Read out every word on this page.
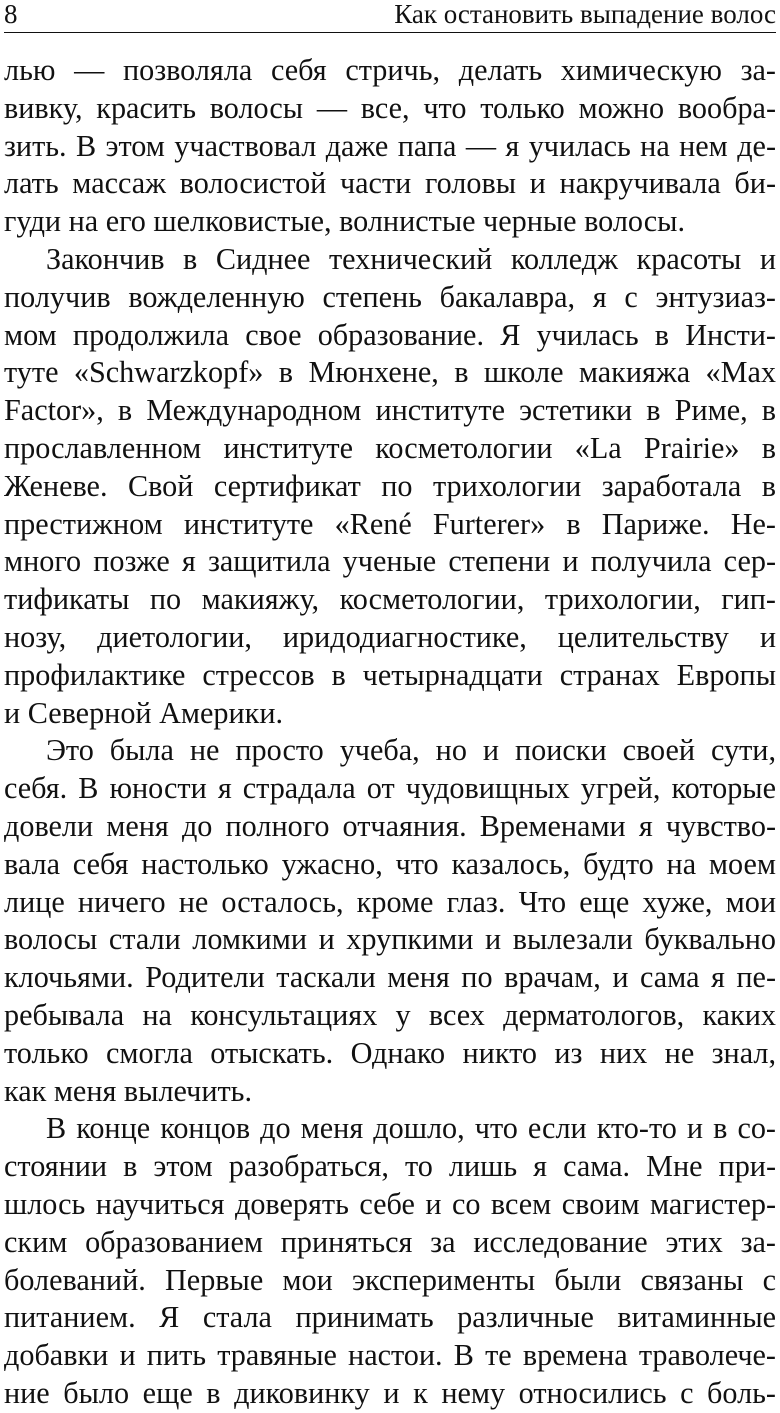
8	Как остановить выпадение волос
лью — позволяла себя стричь, делать химическую за-
вивку, красить волосы — все, что только можно вообра-
зить. В этом участвовал даже папа — я училась на нем де-
лать массаж волосистой части головы и накручивала би-
гуди на его шелковистые, волнистые черные волосы.
Закончив в Сиднее технический колледж красоты и
получив вожделенную степень бакалавра, я с энтузиаз-
мом продолжила свое образование. Я училась в Инсти-
туте «Schwarzkopf» в Мюнхене, в школе макияжа «Max
Factor», в Международном институте эстетики в Риме, в
прославленном институте косметологии «La Prairie» в
Женеве. Свой сертификат по трихологии заработала в
престижном институте «René Furterer» в Париже. Не-
много позже я защитила ученые степени и получила сер-
тификаты по макияжу, косметологии, трихологии, гип-
нозу, диетологии, иридодиагностике, целительству и
профилактике стрессов в четырнадцати странах Европы
и Северной Америки.
Это была не просто учеба, но и поиски своей сути,
себя. В юности я страдала от чудовищных угрей, которые
довели меня до полного отчаяния. Временами я чувство-
вала себя настолько ужасно, что казалось, будто на моем
лице ничего не осталось, кроме глаз. Что еще хуже, мои
волосы стали ломкими и хрупкими и вылезали буквально
клочьями. Родители таскали меня по врачам, и сама я пе-
ребывала на консультациях у всех дерматологов, каких
только смогла отыскать. Однако никто из них не знал,
как меня вылечить.
В конце концов до меня дошло, что если кто-то и в со-
стоянии в этом разобраться, то лишь я сама. Мне при-
шлось научиться доверять себе и со всем своим магистер-
ским образованием приняться за исследование этих за-
болеваний. Первые мои эксперименты были связаны с
питанием. Я стала принимать различные витаминные
добавки и пить травяные настои. В те времена траволече-
ние было еще в диковинку и к нему относились с боль-
